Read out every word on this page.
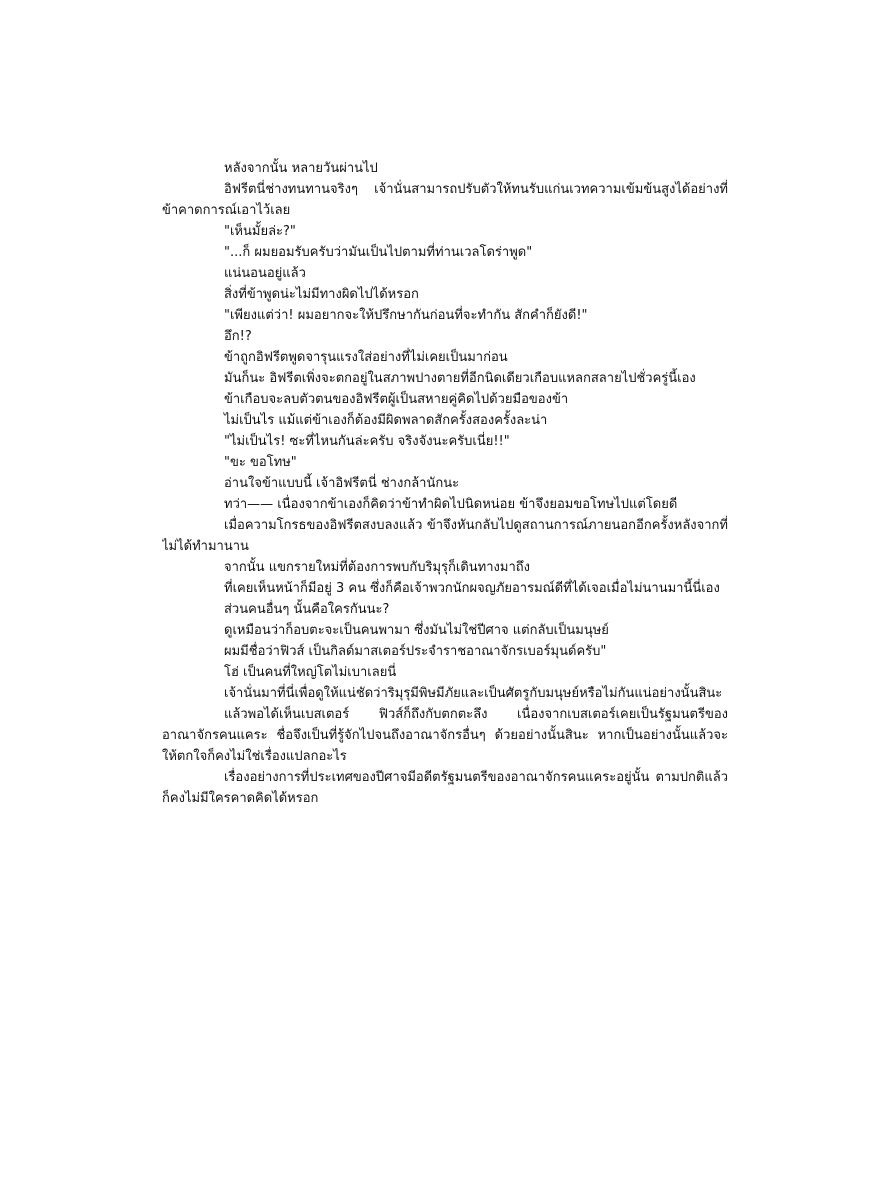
หลังจากนั้น หลายวันผ่านไป

อิฟรีตนี่ช่างทนทานจริงๆ เจ้านั่นสามารถปรับตัวให้ทนรับแก่นเวทความเข้มข้นสูงได้อย่างที่ข้าคาดการณ์เอาไว้เลย

"เห็นมั้ยล่ะ?"

"...ก็ ผมยอมรับครับว่ามันเป็นไปตามที่ท่านเวลโดร่าพูด"

แน่นอนอยู่แล้ว

สิ่งที่ข้าพูดน่ะไม่มีทางผิดไปได้หรอก

"เพียงแต่ว่า! ผมอยากจะให้ปรึกษากันก่อนที่จะทำกัน สักคำก็ยังดี!"

อึก!?

ข้าถูกอิฟรีตพูดจารุนแรงใส่อย่างที่ไม่เคยเป็นมาก่อน

มันก็นะ อิฟรีตเพิ่งจะตกอยู่ในสภาพปางตายที่อีกนิดเดียวเกือบแหลกสลายไปชั่วครู่นี้เอง

ข้าเกือบจะลบตัวตนของอิฟรีตผู้เป็นสหายคู่คิดไปด้วยมือของข้า

ไม่เป็นไร แม้แต่ข้าเองก็ต้องมีผิดพลาดสักครั้งสองครั้งละน่า

"ไม่เป็นไร! ซะที่ไหนกันล่ะครับ จริงจังนะครับเนี่ย!!"

"ขะ ขอโทษ"

อ่านใจข้าแบบนี้ เจ้าอิฟรีตนี่ ช่างกล้านักนะ

ทว่า—— เนื่องจากข้าเองก็คิดว่าข้าทำผิดไปนิดหน่อย ข้าจึงยอมขอโทษไปแต่โดยดี

เมื่อความโกรธของอิฟรีตสงบลงแล้ว ข้าจึงหันกลับไปดูสถานการณ์ภายนอกอีกครั้งหลังจากที่ไม่ได้ทำมานาน

จากนั้น แขกรายใหม่ที่ต้องการพบกับริมุรุก็เดินทางมาถึง

ที่เคยเห็นหน้าก็มีอยู่ 3 คน ซึ่งก็คือเจ้าพวกนักผจญภัยอารมณ์ดีที่ได้เจอเมื่อไม่นานมานี้นี่เอง

ส่วนคนอื่นๆ นั้นคือใครกันนะ?

ดูเหมือนว่าก็อบตะจะเป็นคนพามา ซึ่งมันไม่ใช่ปีศาจ แต่กลับเป็นมนุษย์

ผมมีชื่อว่าฟิวส์ เป็นกิลด์มาสเตอร์ประจำราชอาณาจักรเบอร์มุนด์ครับ"

โฮ่ เป็นคนที่ใหญ่โตไม่เบาเลยนี่

เจ้านั่นมาที่นี่เพื่อดูให้แน่ชัดว่าริมุรุมีพิษมีภัยและเป็นศัตรูกับมนุษย์หรือไม่กันแน่อย่างนั้นสินะ

แล้วพอได้เห็นเบสเตอร์ ฟิวส์ก็ถึงกับตกตะลึง เนื่องจากเบสเตอร์เคยเป็นรัฐมนตรีของอาณาจักรคนแคระ ชื่อจึงเป็นที่รู้จักไปจนถึงอาณาจักรอื่นๆ ด้วยอย่างนั้นสินะ หากเป็นอย่างนั้นแล้วจะให้ตกใจก็คงไม่ใช่เรื่องแปลกอะไร

เรื่องอย่างการที่ประเทศของปีศาจมีอดีตรัฐมนตรีของอาณาจักรคนแคระอยู่นั้น ตามปกติแล้วก็คงไม่มีใครคาดคิดได้หรอก
